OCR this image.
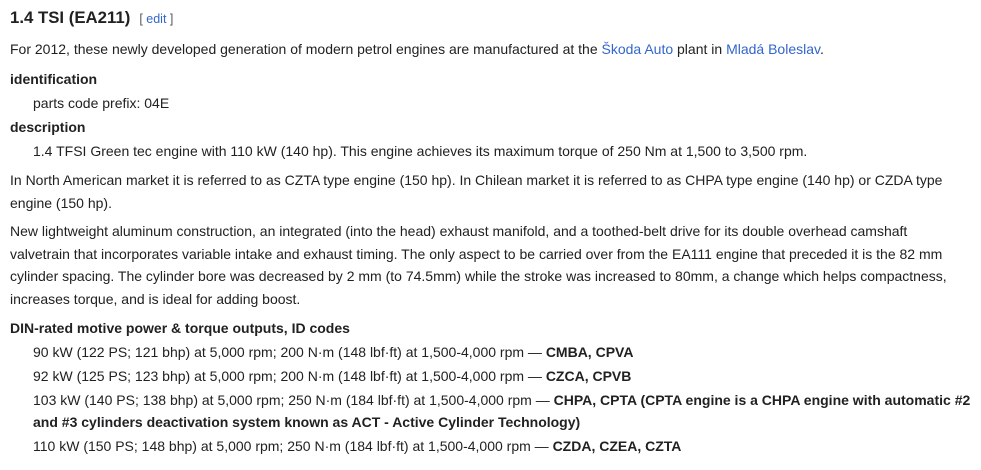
1.4 TSI (EA211) [ edit ]

For 2012, these newly developed generation of modern petrol engines are manufactured at the Škoda Auto plant in Mladá Boleslav.

identification
parts code prefix: 04E
description
1.4 TFSI Green tec engine with 110 kW (140 hp). This engine achieves its maximum torque of 250 Nm at 1,500 to 3,500 rpm.

In North American market it is referred to as CZTA type engine (150 hp). In Chilean market it is referred to as CHPA type engine (140 hp) or CZDA type engine (150 hp).

New lightweight aluminum construction, an integrated (into the head) exhaust manifold, and a toothed-belt drive for its double overhead camshaft valvetrain that incorporates variable intake and exhaust timing. The only aspect to be carried over from the EA111 engine that preceded it is the 82 mm cylinder spacing. The cylinder bore was decreased by 2 mm (to 74.5mm) while the stroke was increased to 80mm, a change which helps compactness, increases torque, and is ideal for adding boost.

DIN-rated motive power & torque outputs, ID codes
90 kW (122 PS; 121 bhp) at 5,000 rpm; 200 N·m (148 lbf·ft) at 1,500-4,000 rpm — CMBA, CPVA
92 kW (125 PS; 123 bhp) at 5,000 rpm; 200 N·m (148 lbf·ft) at 1,500-4,000 rpm — CZCA, CPVB
103 kW (140 PS; 138 bhp) at 5,000 rpm; 250 N·m (184 lbf·ft) at 1,500-4,000 rpm — CHPA, CPTA (CPTA engine is a CHPA engine with automatic #2 and #3 cylinders deactivation system known as ACT - Active Cylinder Technology)
110 kW (150 PS; 148 bhp) at 5,000 rpm; 250 N·m (184 lbf·ft) at 1,500-4,000 rpm — CZDA, CZEA, CZTA
